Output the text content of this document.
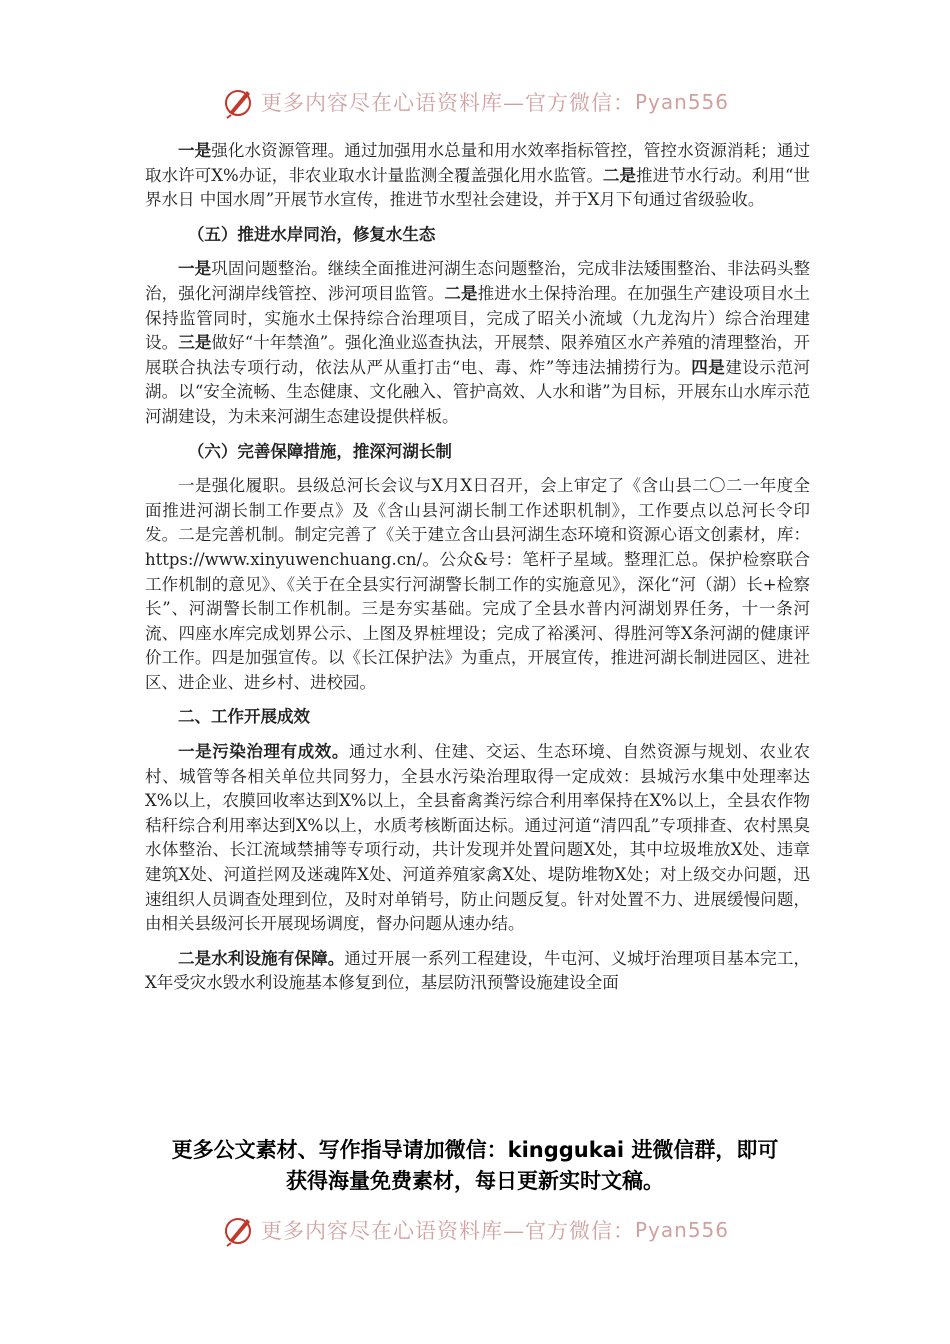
更多内容尽在心语资料库—官方微信： Pyan556

一是强化水资源管理。通过加强用水总量和用水效率指标管控，管控水资源消耗；通过取水许可X%办证，非农业取水计量监测全覆盖强化用水监管。二是推进节水行动。利用“世界水日 中国水周”开展节水宣传，推进节水型社会建设，并于X月下旬通过省级验收。

（五）推进水岸同治，修复水生态

一是巩固问题整治。继续全面推进河湖生态问题整治，完成非法矮围整治、非法码头整治，强化河湖岸线管控、涉河项目监管。二是推进水土保持治理。在加强生产建设项目水土保持监管同时，实施水土保持综合治理项目，完成了昭关小流域（九龙沟片）综合治理建设。三是做好“十年禁渔”。强化渔业巡查执法，开展禁、限养殖区水产养殖的清理整治，开展联合执法专项行动，依法从严从重打击“电、毒、炸”等违法捕捞行为。四是建设示范河湖。以“安全流畅、生态健康、文化融入、管护高效、人水和谐”为目标，开展东山水库示范河湖建设，为未来河湖生态建设提供样板。

（六）完善保障措施，推深河湖长制

一是强化履职。县级总河长会议与X月X日召开，会上审定了《含山县二〇二一年度全面推进河湖长制工作要点》及《含山县河湖长制工作述职机制》，工作要点以总河长令印发。二是完善机制。制定完善了《关于建立含山县河湖生态环境和资源心语文创素材，库：https://www.xinyuwenchuang.cn/。公众&号：笔杆子星域。整理汇总。保护检察联合工作机制的意见》、《关于在全县实行河湖警长制工作的实施意见》，深化“河（湖）长+检察长”、河湖警长制工作机制。三是夯实基础。完成了全县水普内河湖划界任务，十一条河流、四座水库完成划界公示、上图及界桩埋设；完成了裕溪河、得胜河等X条河湖的健康评价工作。四是加强宣传。以《长江保护法》为重点，开展宣传，推进河湖长制进园区、进社区、进企业、进乡村、进校园。

二、工作开展成效

一是污染治理有成效。通过水利、住建、交运、生态环境、自然资源与规划、农业农村、城管等各相关单位共同努力，全县水污染治理取得一定成效：县城污水集中处理率达X%以上，农膜回收率达到X%以上，全县畜禽粪污综合利用率保持在X%以上，全县农作物秸秆综合利用率达到X%以上，水质考核断面达标。通过河道“清四乱”专项排查、农村黑臭水体整治、长江流域禁捕等专项行动，共计发现并处置问题X处，其中垃圾堆放X处、违章建筑X处、河道拦网及迷魂阵X处、河道养殖家禽X处、堤防堆物X处；对上级交办问题，迅速组织人员调查处理到位，及时对单销号，防止问题反复。针对处置不力、进展缓慢问题，由相关县级河长开展现场调度，督办问题从速办结。

二是水利设施有保障。通过开展一系列工程建设，牛屯河、义城圩治理项目基本完工，X年受灾水毁水利设施基本修复到位，基层防汛预警设施建设全面

更多公文素材、写作指导请加微信：kinggukai 进微信群，即可
获得海量免费素材，每日更新实时文稿。
更多内容尽在心语资料库—官方微信： Pyan556
